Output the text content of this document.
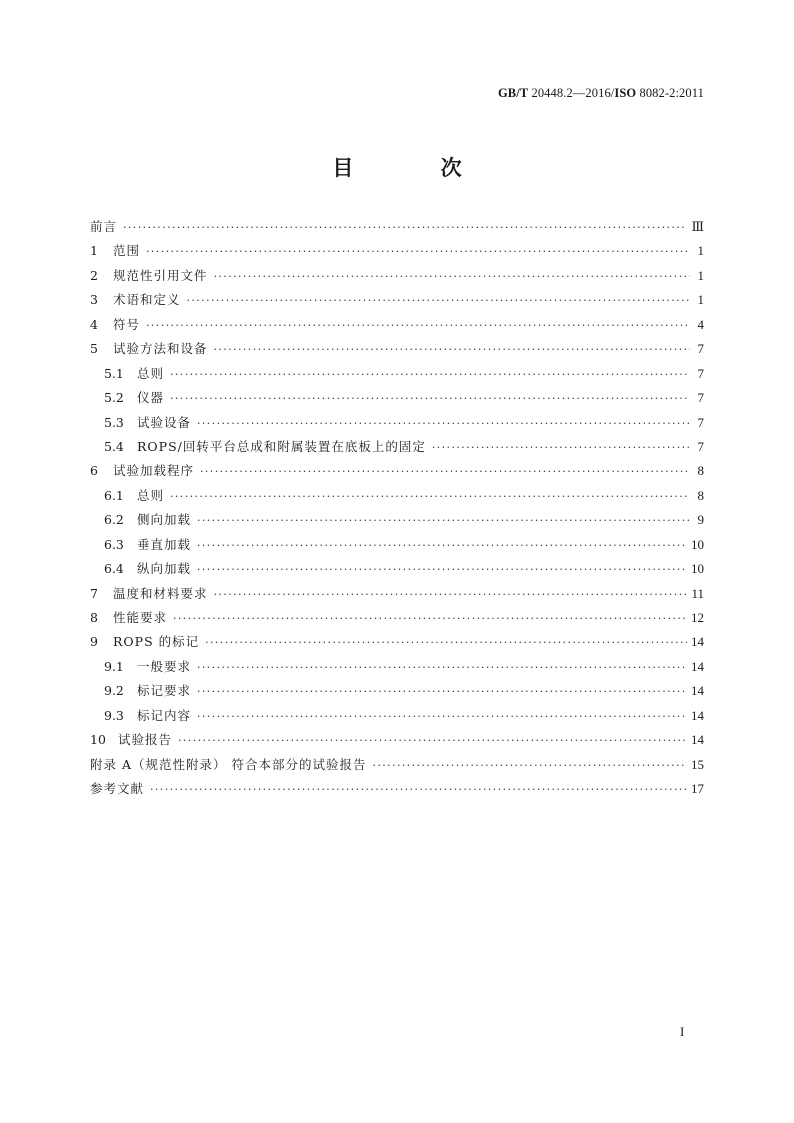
GB/T 20448.2—2016/ISO 8082-2:2011
目 次
前言 ·····	Ⅲ
1	范围 ·····	1
2	规范性引用文件 ·····	1
3	术语和定义 ·····	1
4	符号 ·····	4
5	试验方法和设备 ·····	7
5.1	总则 ·····	7
5.2	仪器 ·····	7
5.3	试验设备 ·····	7
5.4	ROPS/回转平台总成和附属装置在底板上的固定 ·····	7
6	试验加载程序 ·····	8
6.1	总则 ·····	8
6.2	侧向加载 ·····	9
6.3	垂直加载 ·····	10
6.4	纵向加载 ·····	10
7	温度和材料要求 ·····	11
8	性能要求 ·····	12
9	ROPS 的标记 ·····	14
9.1	一般要求 ·····	14
9.2	标记要求 ·····	14
9.3	标记内容 ·····	14
10 试验报告 ·····	14
附录 A（规范性附录） 符合本部分的试验报告 ·····	15
参考文献 ·····	17
I
